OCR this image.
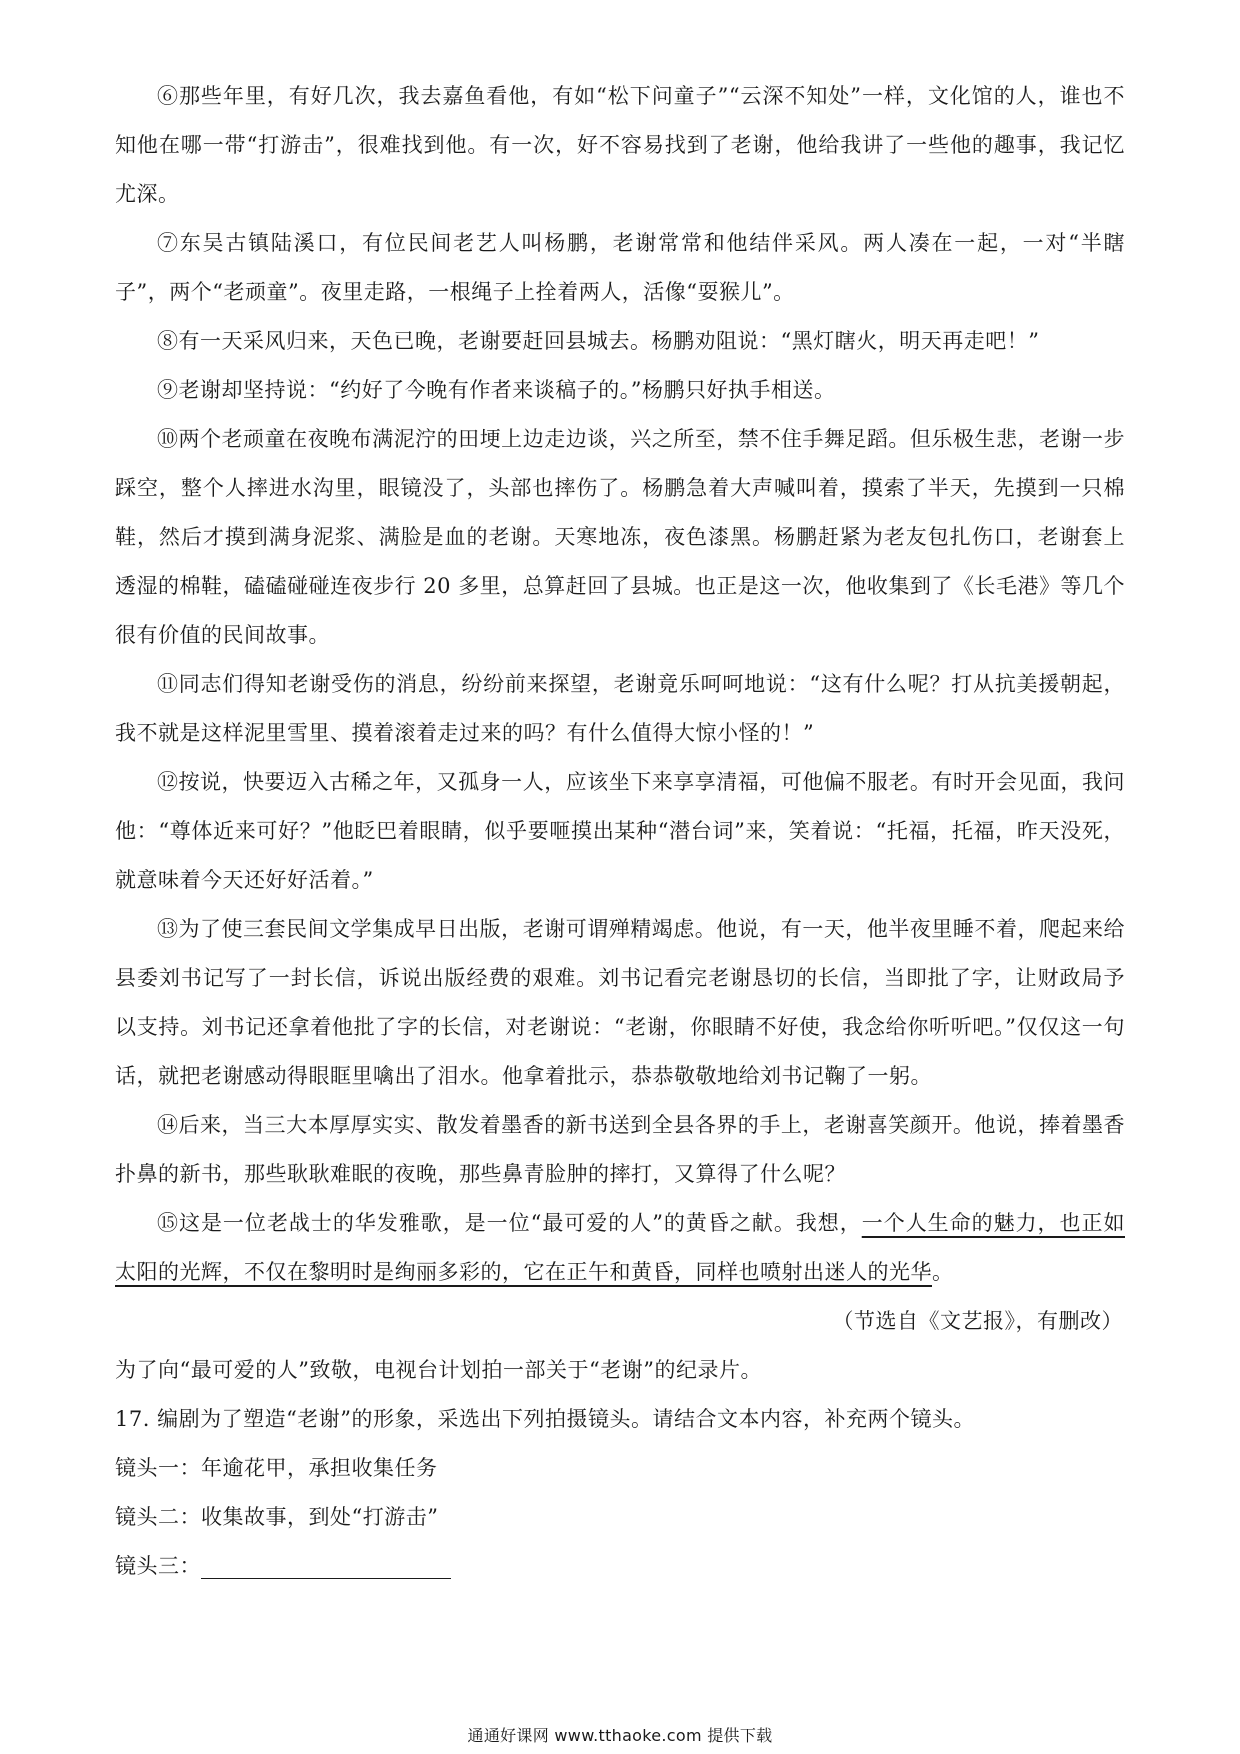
⑥那些年里，有好几次，我去嘉鱼看他，有如“松下问童子”“云深不知处”一样，文化馆的人，谁也不知他在哪一带“打游击”，很难找到他。有一次，好不容易找到了老谢，他给我讲了一些他的趣事，我记忆尤深。

⑦东吴古镇陆溪口，有位民间老艺人叫杨鹏，老谢常常和他结伴采风。两人凑在一起，一对“半瞎子”，两个“老顽童”。夜里走路，一根绳子上拴着两人，活像“耍猴儿”。

⑧有一天采风归来，天色已晚，老谢要赶回县城去。杨鹏劝阻说：“黑灯瞎火，明天再走吧！”

⑨老谢却坚持说：“约好了今晚有作者来谈稿子的。”杨鹏只好执手相送。

⑩两个老顽童在夜晚布满泥泞的田埂上边走边谈，兴之所至，禁不住手舞足蹈。但乐极生悲，老谢一步踩空，整个人摔进水沟里，眼镜没了，头部也摔伤了。杨鹏急着大声喊叫着，摸索了半天，先摸到一只棉鞋，然后才摸到满身泥浆、满脸是血的老谢。天寒地冻，夜色漆黑。杨鹏赶紧为老友包扎伤口，老谢套上透湿的棉鞋，磕磕碰碰连夜步行 20 多里，总算赶回了县城。也正是这一次，他收集到了《长毛港》等几个很有价值的民间故事。

⑪同志们得知老谢受伤的消息，纷纷前来探望，老谢竟乐呵呵地说：“这有什么呢？打从抗美援朝起，我不就是这样泥里雪里、摸着滚着走过来的吗？有什么值得大惊小怪的！”

⑫按说，快要迈入古稀之年，又孤身一人，应该坐下来享享清福，可他偏不服老。有时开会见面，我问他：“尊体近来可好？”他眨巴着眼睛，似乎要咂摸出某种“潜台词”来，笑着说：“托福，托福，昨天没死，就意味着今天还好好活着。”

⑬为了使三套民间文学集成早日出版，老谢可谓殚精竭虑。他说，有一天，他半夜里睡不着，爬起来给县委刘书记写了一封长信，诉说出版经费的艰难。刘书记看完老谢恳切的长信，当即批了字，让财政局予以支持。刘书记还拿着他批了字的长信，对老谢说：“老谢，你眼睛不好使，我念给你听听吧。”仅仅这一句话，就把老谢感动得眼眶里噙出了泪水。他拿着批示，恭恭敬敬地给刘书记鞠了一躬。

⑭后来，当三大本厚厚实实、散发着墨香的新书送到全县各界的手上，老谢喜笑颜开。他说，捧着墨香扑鼻的新书，那些耿耿难眠的夜晚，那些鼻青脸肿的摔打，又算得了什么呢？

⑮这是一位老战士的华发雅歌，是一位“最可爱的人”的黄昏之献。我想，一个人生命的魅力，也正如太阳的光辉，不仅在黎明时是绚丽多彩的，它在正午和黄昏，同样也喷射出迷人的光华。

（节选自《文艺报》，有删改）

为了向“最可爱的人”致敬，电视台计划拍一部关于“老谢”的纪录片。

17. 编剧为了塑造“老谢”的形象，采选出下列拍摄镜头。请结合文本内容，补充两个镜头。

镜头一：年逾花甲，承担收集任务

镜头二：收集故事，到处“打游击”

镜头三：

通通好课网 www.tthaoke.com 提供下载
